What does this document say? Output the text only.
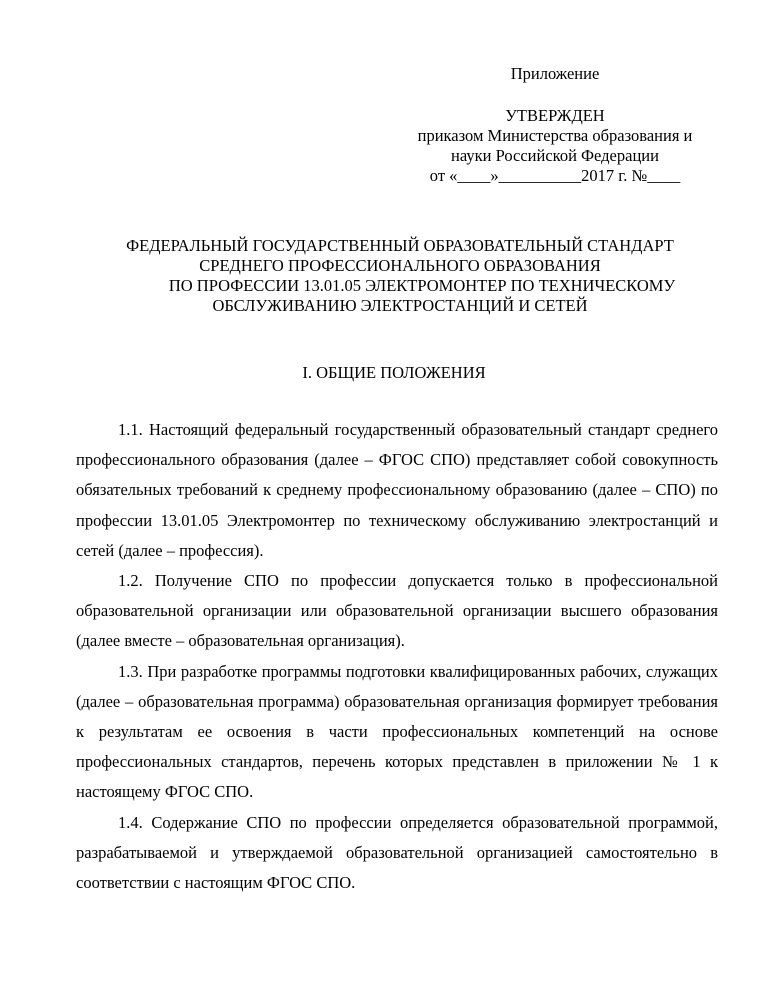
Приложение
УТВЕРЖДЕН
приказом Министерства образования и
науки Российской Федерации
от «____»__________2017 г. №____
ФЕДЕРАЛЬНЫЙ ГОСУДАРСТВЕННЫЙ ОБРАЗОВАТЕЛЬНЫЙ СТАНДАРТ
СРЕДНЕГО ПРОФЕССИОНАЛЬНОГО ОБРАЗОВАНИЯ
ПО ПРОФЕССИИ 13.01.05 ЭЛЕКТРОМОНТЕР ПО ТЕХНИЧЕСКОМУ
ОБСЛУЖИВАНИЮ ЭЛЕКТРОСТАНЦИЙ И СЕТЕЙ
I. ОБЩИЕ ПОЛОЖЕНИЯ

1.1. Настоящий федеральный государственный образовательный стандарт среднего профессионального образования (далее – ФГОС СПО) представляет собой совокупность обязательных требований к среднему профессиональному образованию (далее – СПО) по профессии 13.01.05 Электромонтер по техническому обслуживанию электростанций и сетей (далее – профессия).

1.2. Получение СПО по профессии допускается только в профессиональной образовательной организации или образовательной организации высшего образования (далее вместе – образовательная организация).

1.3. При разработке программы подготовки квалифицированных рабочих, служащих (далее – образовательная программа) образовательная организация формирует требования к результатам ее освоения в части профессиональных компетенций на основе профессиональных стандартов, перечень которых представлен в приложении № 1 к настоящему ФГОС СПО.

1.4. Содержание СПО по профессии определяется образовательной программой, разрабатываемой и утверждаемой образовательной организацией самостоятельно в соответствии с настоящим ФГОС СПО.
